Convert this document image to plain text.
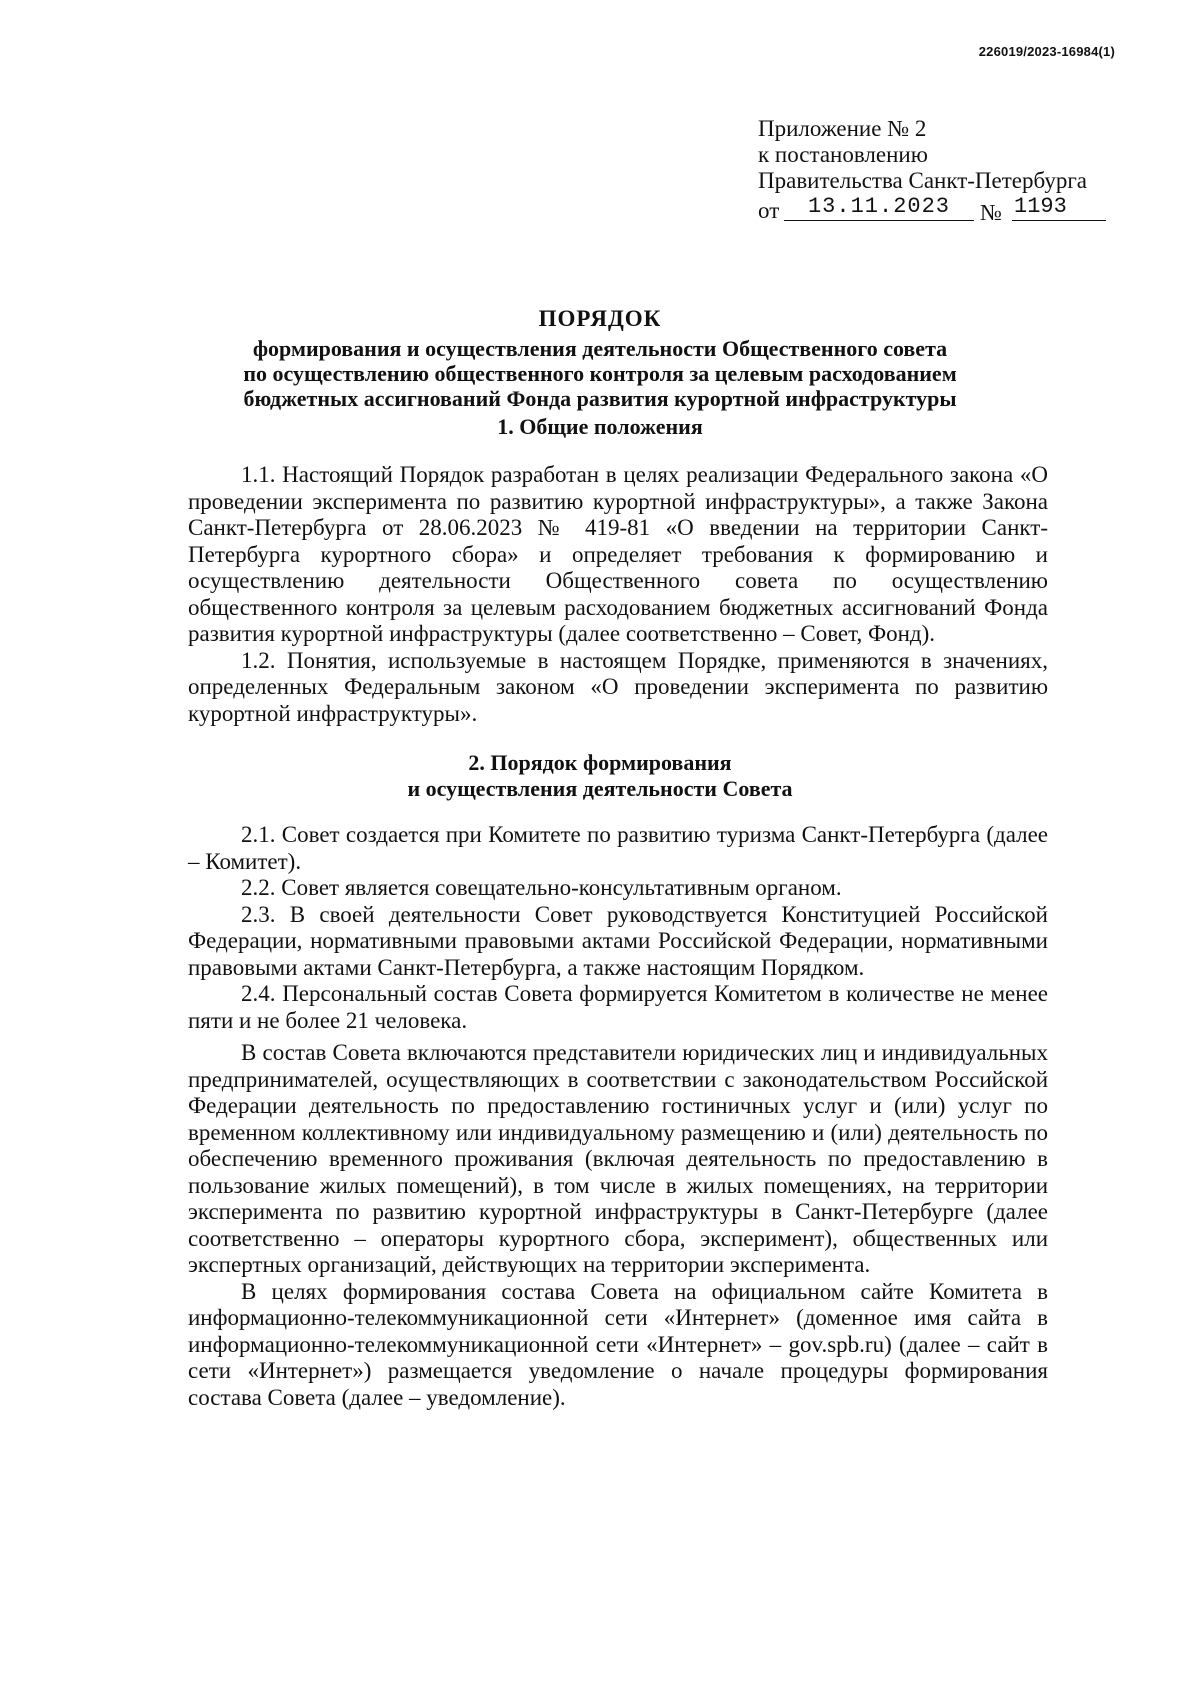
226019/2023-16984(1)
Приложение № 2
к постановлению
Правительства Санкт-Петербурга
от	13.11.2023	№ 1193
ПОРЯДОК
формирования и осуществления деятельности Общественного совета
по осуществлению общественного контроля за целевым расходованием
бюджетных ассигнований Фонда развития курортной инфраструктуры
1. Общие положения

1.1. Настоящий Порядок разработан в целях реализации Федерального закона «О проведении эксперимента по развитию курортной инфраструктуры», а также Закона Санкт-Петербурга от 28.06.2023 № 419-81 «О введении на территории Санкт-Петербурга курортного сбора» и определяет требования к формированию и осуществлению деятельности Общественного совета по осуществлению общественного контроля за целевым расходованием бюджетных ассигнований Фонда развития курортной инфраструктуры (далее соответственно – Совет, Фонд).

1.2. Понятия, используемые в настоящем Порядке, применяются в значениях, определенных Федеральным законом «О проведении эксперимента по развитию курортной инфраструктуры».

2. Порядок формирования
и осуществления деятельности Совета

2.1. Совет создается при Комитете по развитию туризма Санкт-Петербурга (далее – Комитет).

2.2. Совет является совещательно-консультативным органом.

2.3. В своей деятельности Совет руководствуется Конституцией Российской Федерации, нормативными правовыми актами Российской Федерации, нормативными правовыми актами Санкт-Петербурга, а также настоящим Порядком.

2.4. Персональный состав Совета формируется Комитетом в количестве не менее пяти и не более 21 человека.

В состав Совета включаются представители юридических лиц и индивидуальных предпринимателей, осуществляющих в соответствии с законодательством Российской Федерации деятельность по предоставлению гостиничных услуг и (или) услуг по временном коллективному или индивидуальному размещению и (или) деятельность по обеспечению временного проживания (включая деятельность по предоставлению в пользование жилых помещений), в том числе в жилых помещениях, на территории эксперимента по развитию курортной инфраструктуры в Санкт-Петербурге (далее соответственно – операторы курортного сбора, эксперимент), общественных или экспертных организаций, действующих на территории эксперимента.

В целях формирования состава Совета на официальном сайте Комитета в информационно-телекоммуникационной сети «Интернет» (доменное имя сайта в информационно-телекоммуникационной сети «Интернет» – gov.spb.ru) (далее – сайт в сети «Интернет») размещается уведомление о начале процедуры формирования состава Совета (далее – уведомление).
